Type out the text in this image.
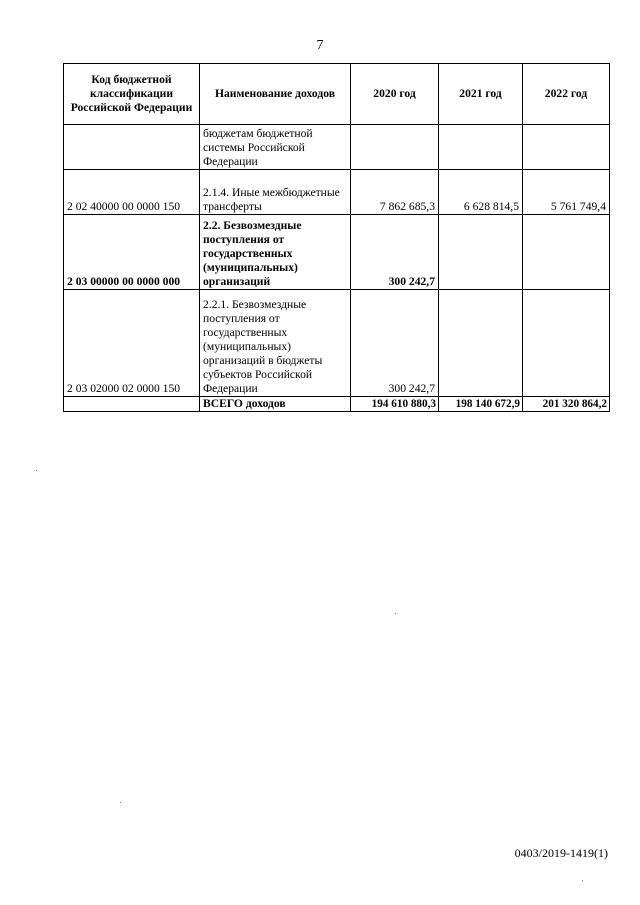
7
Код бюджетной классификации Российской Федерации	Наименование доходов	2020 год	2021 год	2022 год
	бюджетам бюджетной системы Российской Федерации			
2 02 40000 00 0000 150	2.1.4. Иные межбюджетные трансферты	7 862 685,3	6 628 814,5	5 761 749,4
2 03 00000 00 0000 000	2.2. Безвозмездные поступления от государственных (муниципальных) организаций	300 242,7		
2 03 02000 02 0000 150	2.2.1. Безвозмездные поступления от государственных (муниципальных) организаций в бюджеты субъектов Российской Федерации	300 242,7		
	ВСЕГО доходов	194 610 880,3	198 140 672,9	201 320 864,2
0403/2019-1419(1)
